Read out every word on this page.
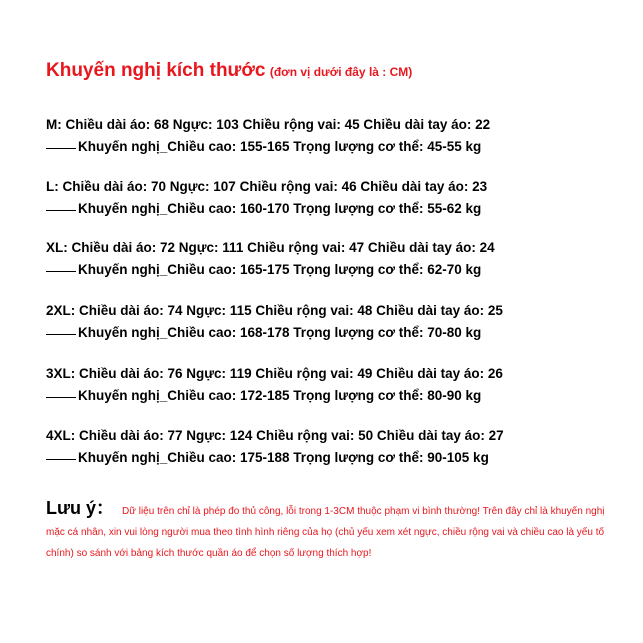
Khuyến nghị kích thước (đơn vị dưới đây là : CM)
M: Chiều dài áo: 68 Ngực: 103 Chiều rộng vai: 45 Chiều dài tay áo: 22
Khuyến nghị_Chiều cao: 155-165 Trọng lượng cơ thể: 45-55 kg
L: Chiều dài áo: 70 Ngực: 107 Chiều rộng vai: 46 Chiều dài tay áo: 23
Khuyến nghị_Chiều cao: 160-170 Trọng lượng cơ thể: 55-62 kg
XL: Chiều dài áo: 72 Ngực: 111 Chiều rộng vai: 47 Chiều dài tay áo: 24
Khuyến nghị_Chiều cao: 165-175 Trọng lượng cơ thể: 62-70 kg
2XL: Chiều dài áo: 74 Ngực: 115 Chiều rộng vai: 48 Chiều dài tay áo: 25
Khuyến nghị_Chiều cao: 168-178 Trọng lượng cơ thể: 70-80 kg
3XL: Chiều dài áo: 76 Ngực: 119 Chiều rộng vai: 49 Chiều dài tay áo: 26
Khuyến nghị_Chiều cao: 172-185 Trọng lượng cơ thể: 80-90 kg
4XL: Chiều dài áo: 77 Ngực: 124 Chiều rộng vai: 50 Chiều dài tay áo: 27
Khuyến nghị_Chiều cao: 175-188 Trọng lượng cơ thể: 90-105 kg
Lưu ý： Dữ liệu trên chỉ là phép đo thủ công, lỗi trong 1-3CM thuộc phạm vi bình thường! Trên đây chỉ là khuyến nghị mặc cá nhân, xin vui lòng người mua theo tình hình riêng của họ (chủ yếu xem xét ngực, chiều rộng vai và chiều cao là yếu tố chính) so sánh với bảng kích thước quần áo để chọn số lượng thích hợp!
